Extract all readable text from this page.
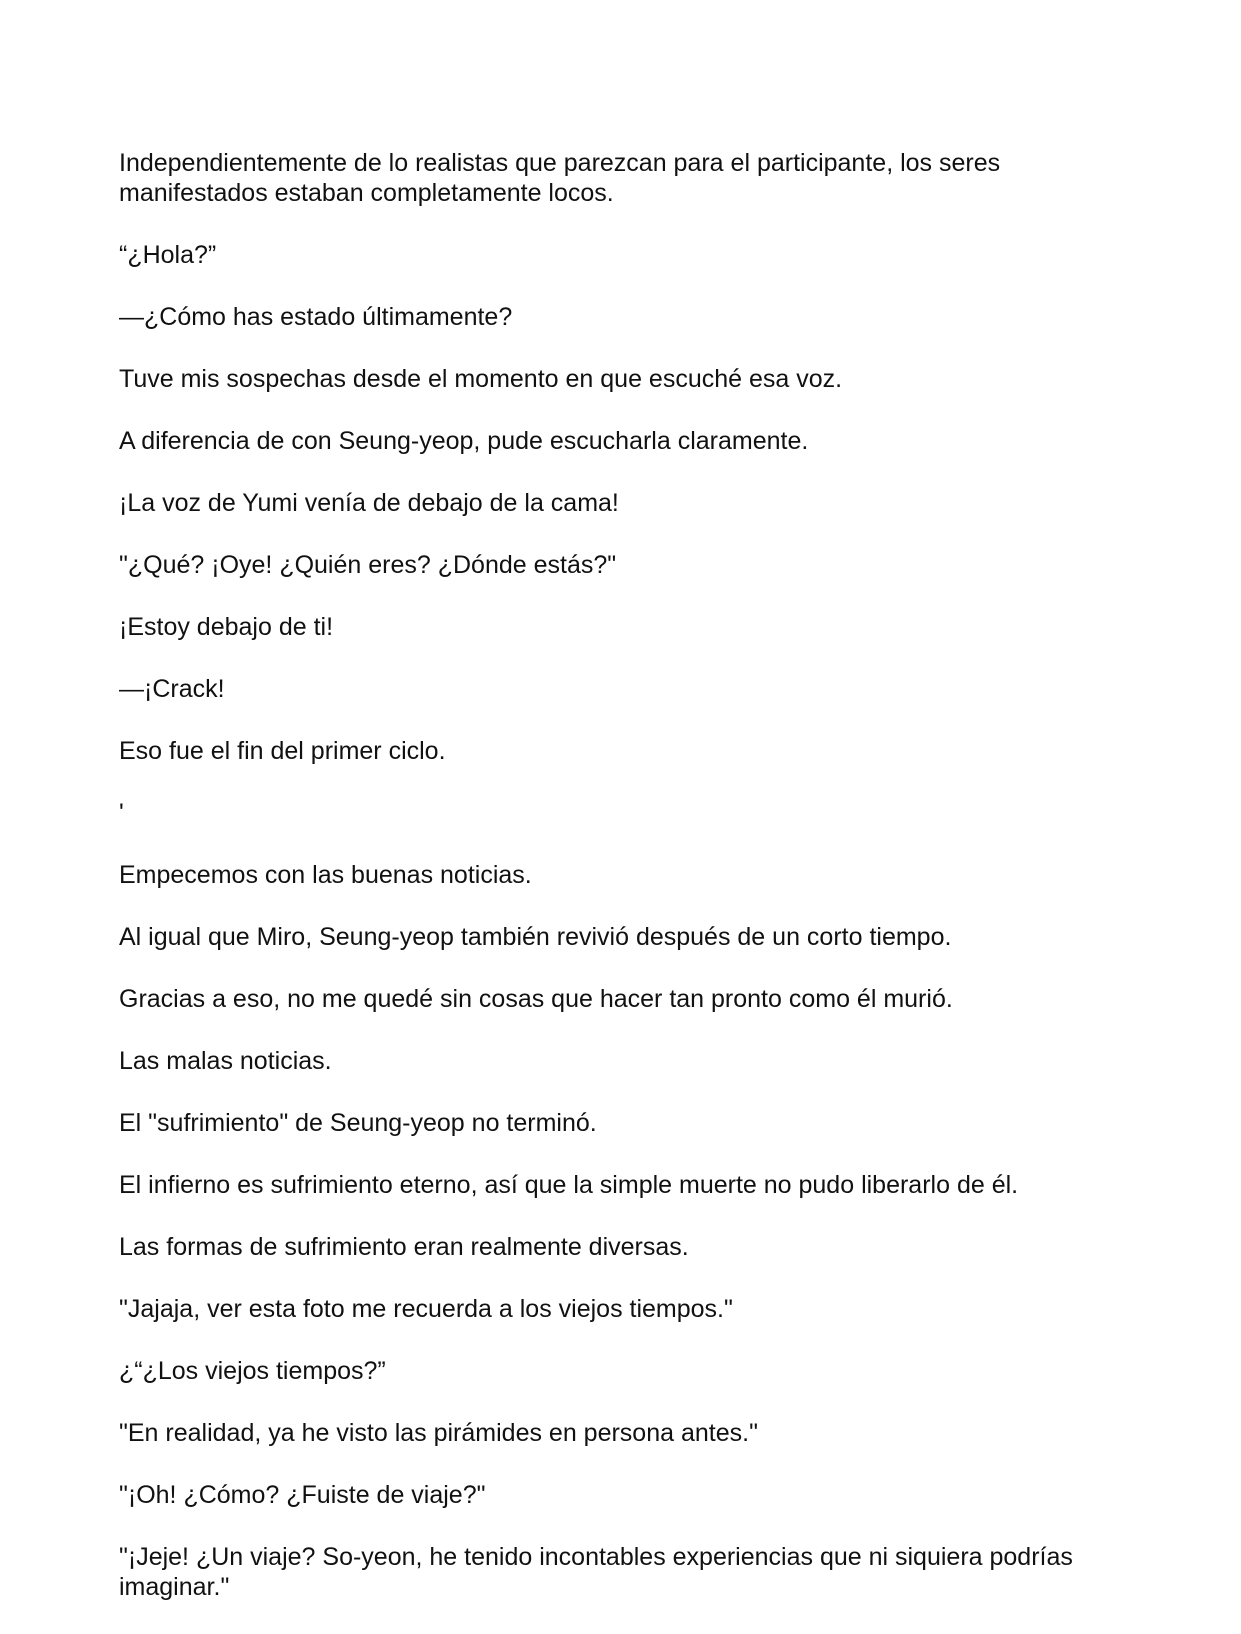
Independientemente de lo realistas que parezcan para el participante, los seres manifestados estaban completamente locos.

“¿Hola?”

—¿Cómo has estado últimamente?

Tuve mis sospechas desde el momento en que escuché esa voz.

A diferencia de con Seung-yeop, pude escucharla claramente.

¡La voz de Yumi venía de debajo de la cama!

"¿Qué? ¡Oye! ¿Quién eres? ¿Dónde estás?"

¡Estoy debajo de ti!

—¡Crack!

Eso fue el fin del primer ciclo.

'

Empecemos con las buenas noticias.

Al igual que Miro, Seung-yeop también revivió después de un corto tiempo.

Gracias a eso, no me quedé sin cosas que hacer tan pronto como él murió.

Las malas noticias.

El "sufrimiento" de Seung-yeop no terminó.

El infierno es sufrimiento eterno, así que la simple muerte no pudo liberarlo de él.

Las formas de sufrimiento eran realmente diversas.

"Jajaja, ver esta foto me recuerda a los viejos tiempos."

¿“¿Los viejos tiempos?”

"En realidad, ya he visto las pirámides en persona antes."

"¡Oh! ¿Cómo? ¿Fuiste de viaje?"

"¡Jeje! ¿Un viaje? So-yeon, he tenido incontables experiencias que ni siquiera podrías imaginar."
